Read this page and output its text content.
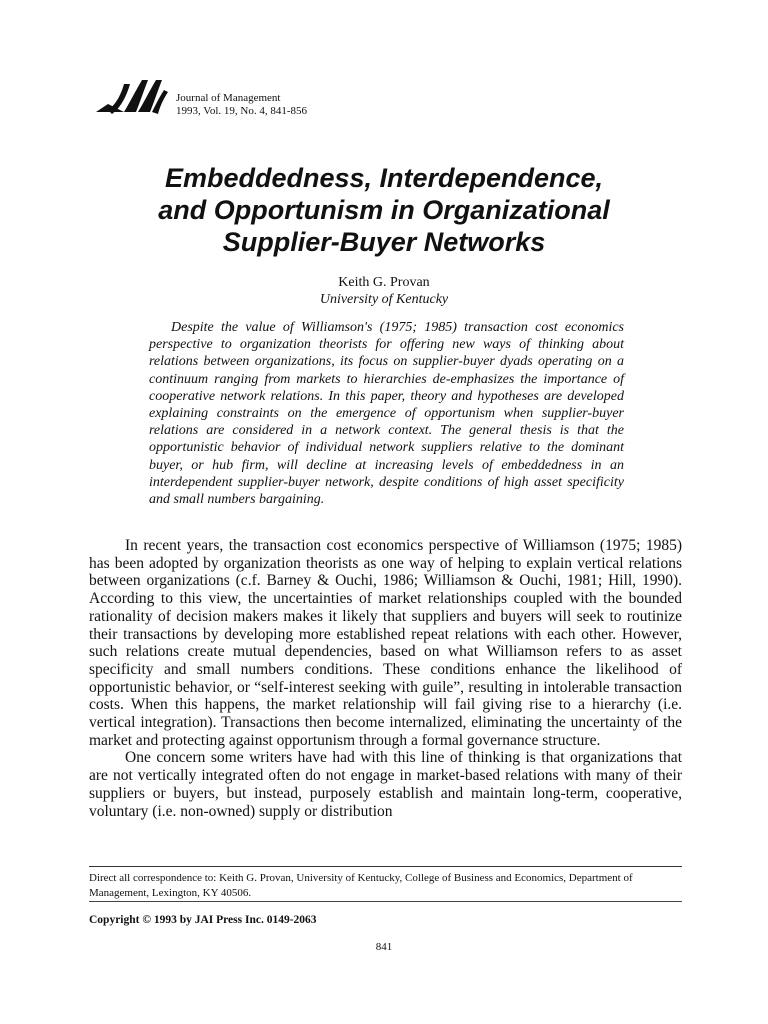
Journal of Management
1993, Vol. 19, No. 4, 841-856
Embeddedness, Interdependence,
and Opportunism in Organizational
Supplier-Buyer Networks
Keith G. Provan
University of Kentucky

Despite the value of Williamson's (1975; 1985) transaction cost economics perspective to organization theorists for offering new ways of thinking about relations between organizations, its focus on supplier-buyer dyads operating on a continuum ranging from markets to hierarchies de-emphasizes the importance of cooperative network relations. In this paper, theory and hypotheses are developed explaining constraints on the emergence of opportunism when supplier-buyer relations are considered in a network context. The general thesis is that the opportunistic behavior of individual network suppliers relative to the dominant buyer, or hub firm, will decline at increasing levels of embeddedness in an interdependent supplier-buyer network, despite conditions of high asset specificity and small numbers bargaining.

In recent years, the transaction cost economics perspective of Williamson (1975; 1985) has been adopted by organization theorists as one way of helping to explain vertical relations between organizations (c.f. Barney & Ouchi, 1986; Williamson & Ouchi, 1981; Hill, 1990). According to this view, the uncertainties of market relationships coupled with the bounded rationality of decision makers makes it likely that suppliers and buyers will seek to routinize their transactions by developing more established repeat relations with each other. However, such relations create mutual dependencies, based on what Williamson refers to as asset specificity and small numbers conditions. These conditions enhance the likelihood of opportunistic behavior, or “self-interest seeking with guile”, resulting in intolerable transaction costs. When this happens, the market relationship will fail giving rise to a hierarchy (i.e. vertical integration). Transactions then become internalized, eliminating the uncertainty of the market and protecting against opportunism through a formal governance structure.

One concern some writers have had with this line of thinking is that organizations that are not vertically integrated often do not engage in market-based relations with many of their suppliers or buyers, but instead, purposely establish and maintain long-term, cooperative, voluntary (i.e. non-owned) supply or distribution

Direct all correspondence to: Keith G. Provan, University of Kentucky, College of Business and Economics, Department of Management, Lexington, KY 40506.

Copyright © 1993 by JAI Press Inc. 0149-2063
841
